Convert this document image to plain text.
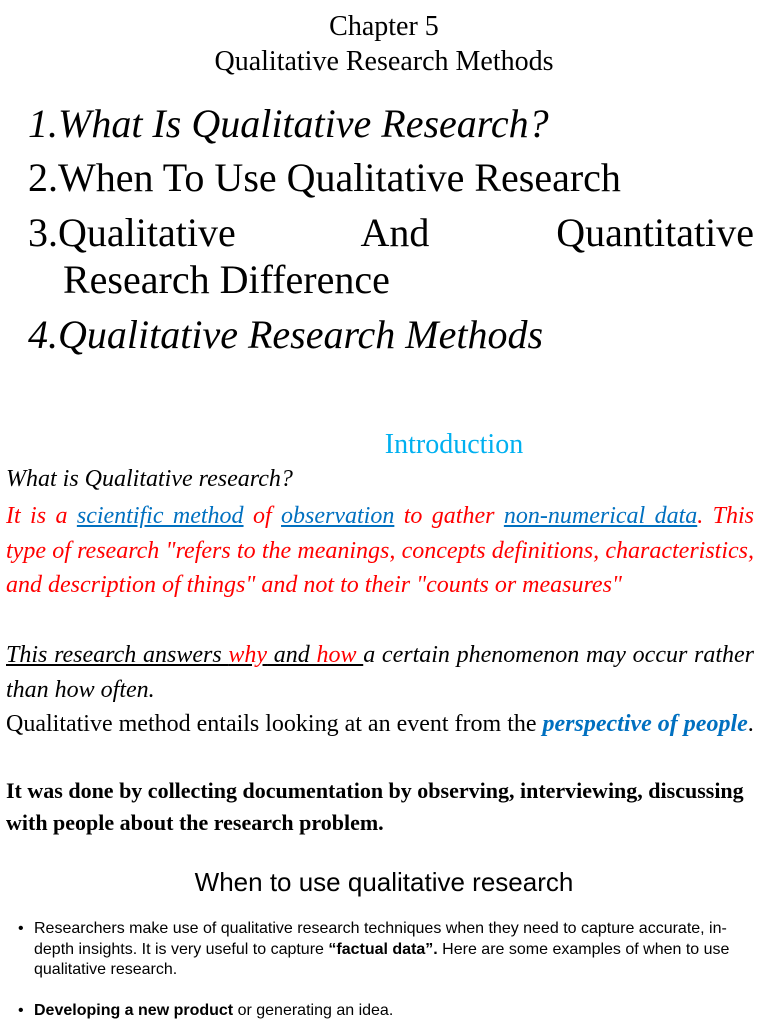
Chapter 5
Qualitative Research Methods
1.What Is Qualitative Research?
2.When To Use Qualitative Research
3.Qualitative	And	Quantitative
Research Difference
4.Qualitative Research Methods
Introduction
What is Qualitative research?
It is a scientific method of observation to gather non-numerical data. This type of research "refers to the meanings, concepts definitions, characteristics, and description of things" and not to their "counts or measures"
This research answers why and how a certain phenomenon may occur rather than how often.
Qualitative method entails looking at an event from the perspective of people.
It was done by collecting documentation by observing, interviewing, discussing with people about the research problem.
When to use qualitative research
• Researchers make use of qualitative research techniques when they need to capture accurate, in-depth insights. It is very useful to capture “factual data”. Here are some examples of when to use qualitative research.
• Developing a new product or generating an idea.
